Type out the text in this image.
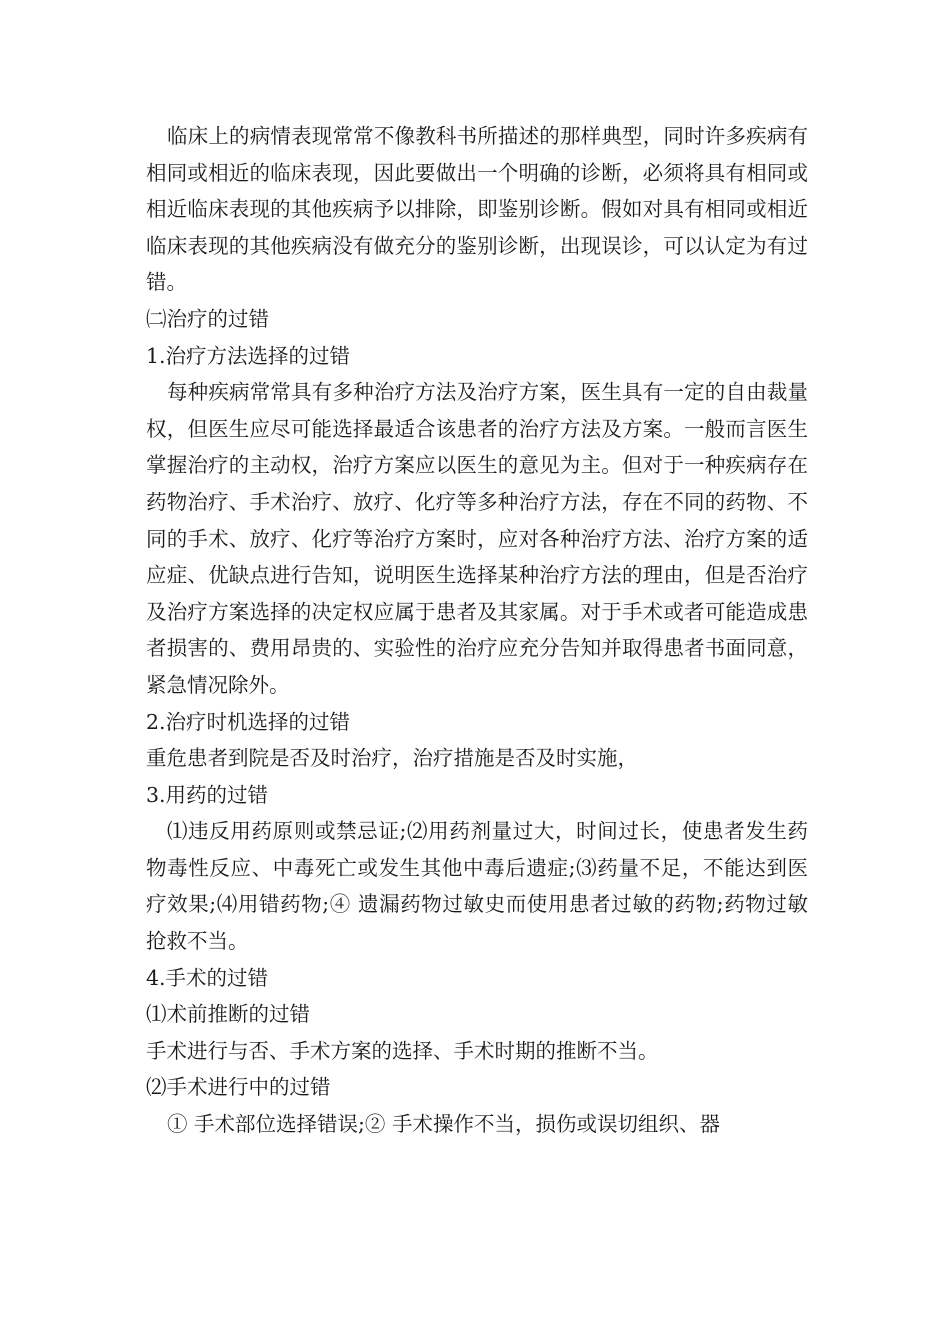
临床上的病情表现常常不像教科书所描述的那样典型，同时许多疾病有相同或相近的临床表现，因此要做出一个明确的诊断，必须将具有相同或相近临床表现的其他疾病予以排除，即鉴别诊断。假如对具有相同或相近临床表现的其他疾病没有做充分的鉴别诊断，出现误诊，可以认定为有过错。

㈡治疗的过错

1.治疗方法选择的过错

每种疾病常常具有多种治疗方法及治疗方案，医生具有一定的自由裁量权，但医生应尽可能选择最适合该患者的治疗方法及方案。一般而言医生掌握治疗的主动权，治疗方案应以医生的意见为主。但对于一种疾病存在药物治疗、手术治疗、放疗、化疗等多种治疗方法，存在不同的药物、不同的手术、放疗、化疗等治疗方案时，应对各种治疗方法、治疗方案的适应症、优缺点进行告知，说明医生选择某种治疗方法的理由，但是否治疗及治疗方案选择的决定权应属于患者及其家属。对于手术或者可能造成患者损害的、费用昂贵的、实验性的治疗应充分告知并取得患者书面同意，紧急情况除外。

2.治疗时机选择的过错

重危患者到院是否及时治疗，治疗措施是否及时实施，

3.用药的过错

⑴违反用药原则或禁忌证;⑵用药剂量过大，时间过长，使患者发生药物毒性反应、中毒死亡或发生其他中毒后遗症;⑶药量不足，不能达到医疗效果;⑷用错药物;④ 遗漏药物过敏史而使用患者过敏的药物;药物过敏抢救不当。

4.手术的过错

⑴术前推断的过错

手术进行与否、手术方案的选择、手术时期的推断不当。

⑵手术进行中的过错

① 手术部位选择错误;② 手术操作不当，损伤或误切组织、器
